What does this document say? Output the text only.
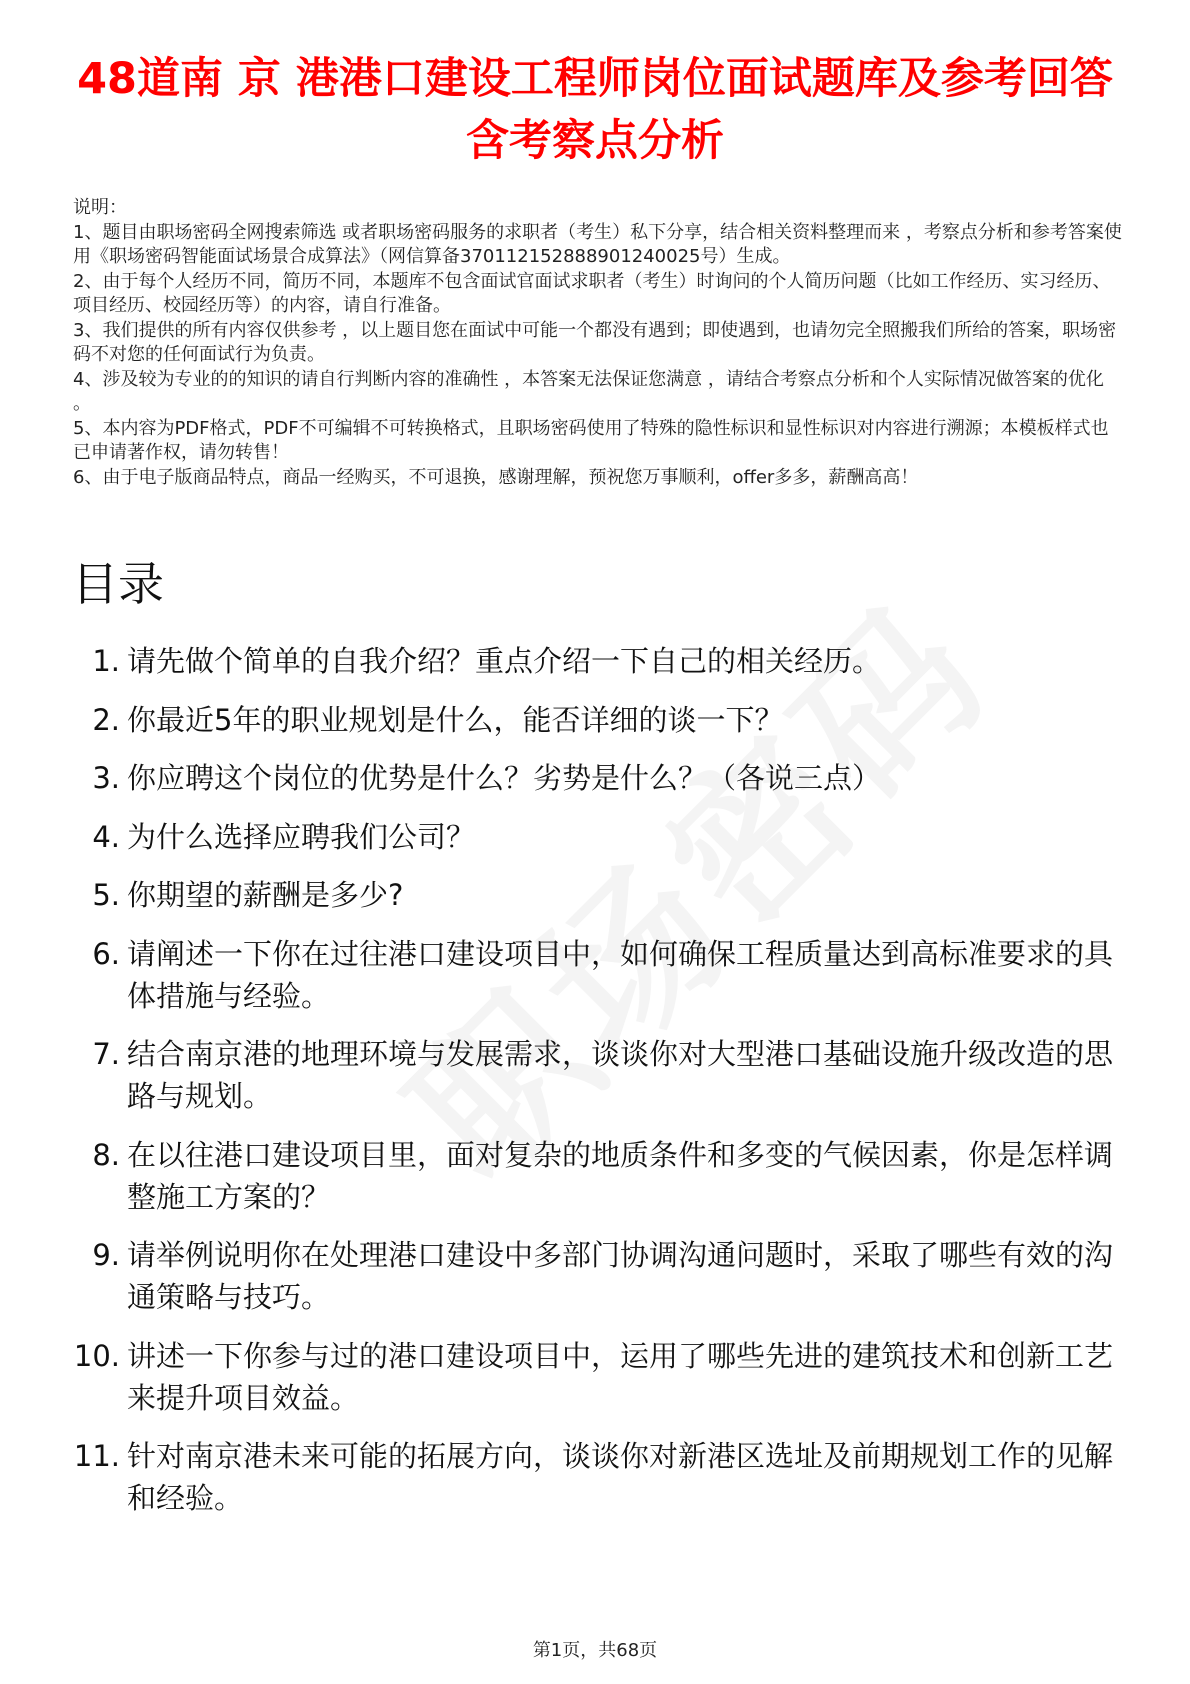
48道南 京 港港口建设工程师岗位面试题库及参考回答含考察点分析

说明：

1、题目由职场密码全网搜索筛选 或者职场密码服务的求职者（考生）私下分享，结合相关资料整理而来 ，考察点分析和参考答案使用《职场密码智能面试场景合成算法》（网信算备370112152888901240025号）生成。

2、由于每个人经历不同，简历不同，本题库不包含面试官面试求职者（考生）时询问的个人简历问题（比如工作经历、实习经历、项目经历、校园经历等）的内容，请自行准备。

3、我们提供的所有内容仅供参考 ，以上题目您在面试中可能一个都没有遇到；即使遇到，也请勿完全照搬我们所给的答案，职场密码不对您的任何面试行为负责。

4、涉及较为专业的的知识的请自行判断内容的准确性 ，本答案无法保证您满意 ，请结合考察点分析和个人实际情况做答案的优化 。

5、本内容为PDF格式，PDF不可编辑不可转换格式，且职场密码使用了特殊的隐性标识和显性标识对内容进行溯源；本模板样式也已申请著作权，请勿转售！

6、由于电子版商品特点，商品一经购买，不可退换，感谢理解，预祝您万事顺利，offer多多，薪酬高高！

目录
1. 请先做个简单的自我介绍？重点介绍一下自己的相关经历。
2. 你最近5年的职业规划是什么，能否详细的谈一下？
3. 你应聘这个岗位的优势是什么？劣势是什么？（各说三点）
4. 为什么选择应聘我们公司？
5. 你期望的薪酬是多少?
6. 请阐述一下你在过往港口建设项目中，如何确保工程质量达到高标准要求的具体措施与经验。
7. 结合南京港的地理环境与发展需求，谈谈你对大型港口基础设施升级改造的思路与规划。
8. 在以往港口建设项目里，面对复杂的地质条件和多变的气候因素，你是怎样调整施工方案的？
9. 请举例说明你在处理港口建设中多部门协调沟通问题时，采取了哪些有效的沟通策略与技巧。
10. 讲述一下你参与过的港口建设项目中，运用了哪些先进的建筑技术和创新工艺来提升项目效益。
11. 针对南京港未来可能的拓展方向，谈谈你对新港区选址及前期规划工作的见解和经验。
第1页，共68页
